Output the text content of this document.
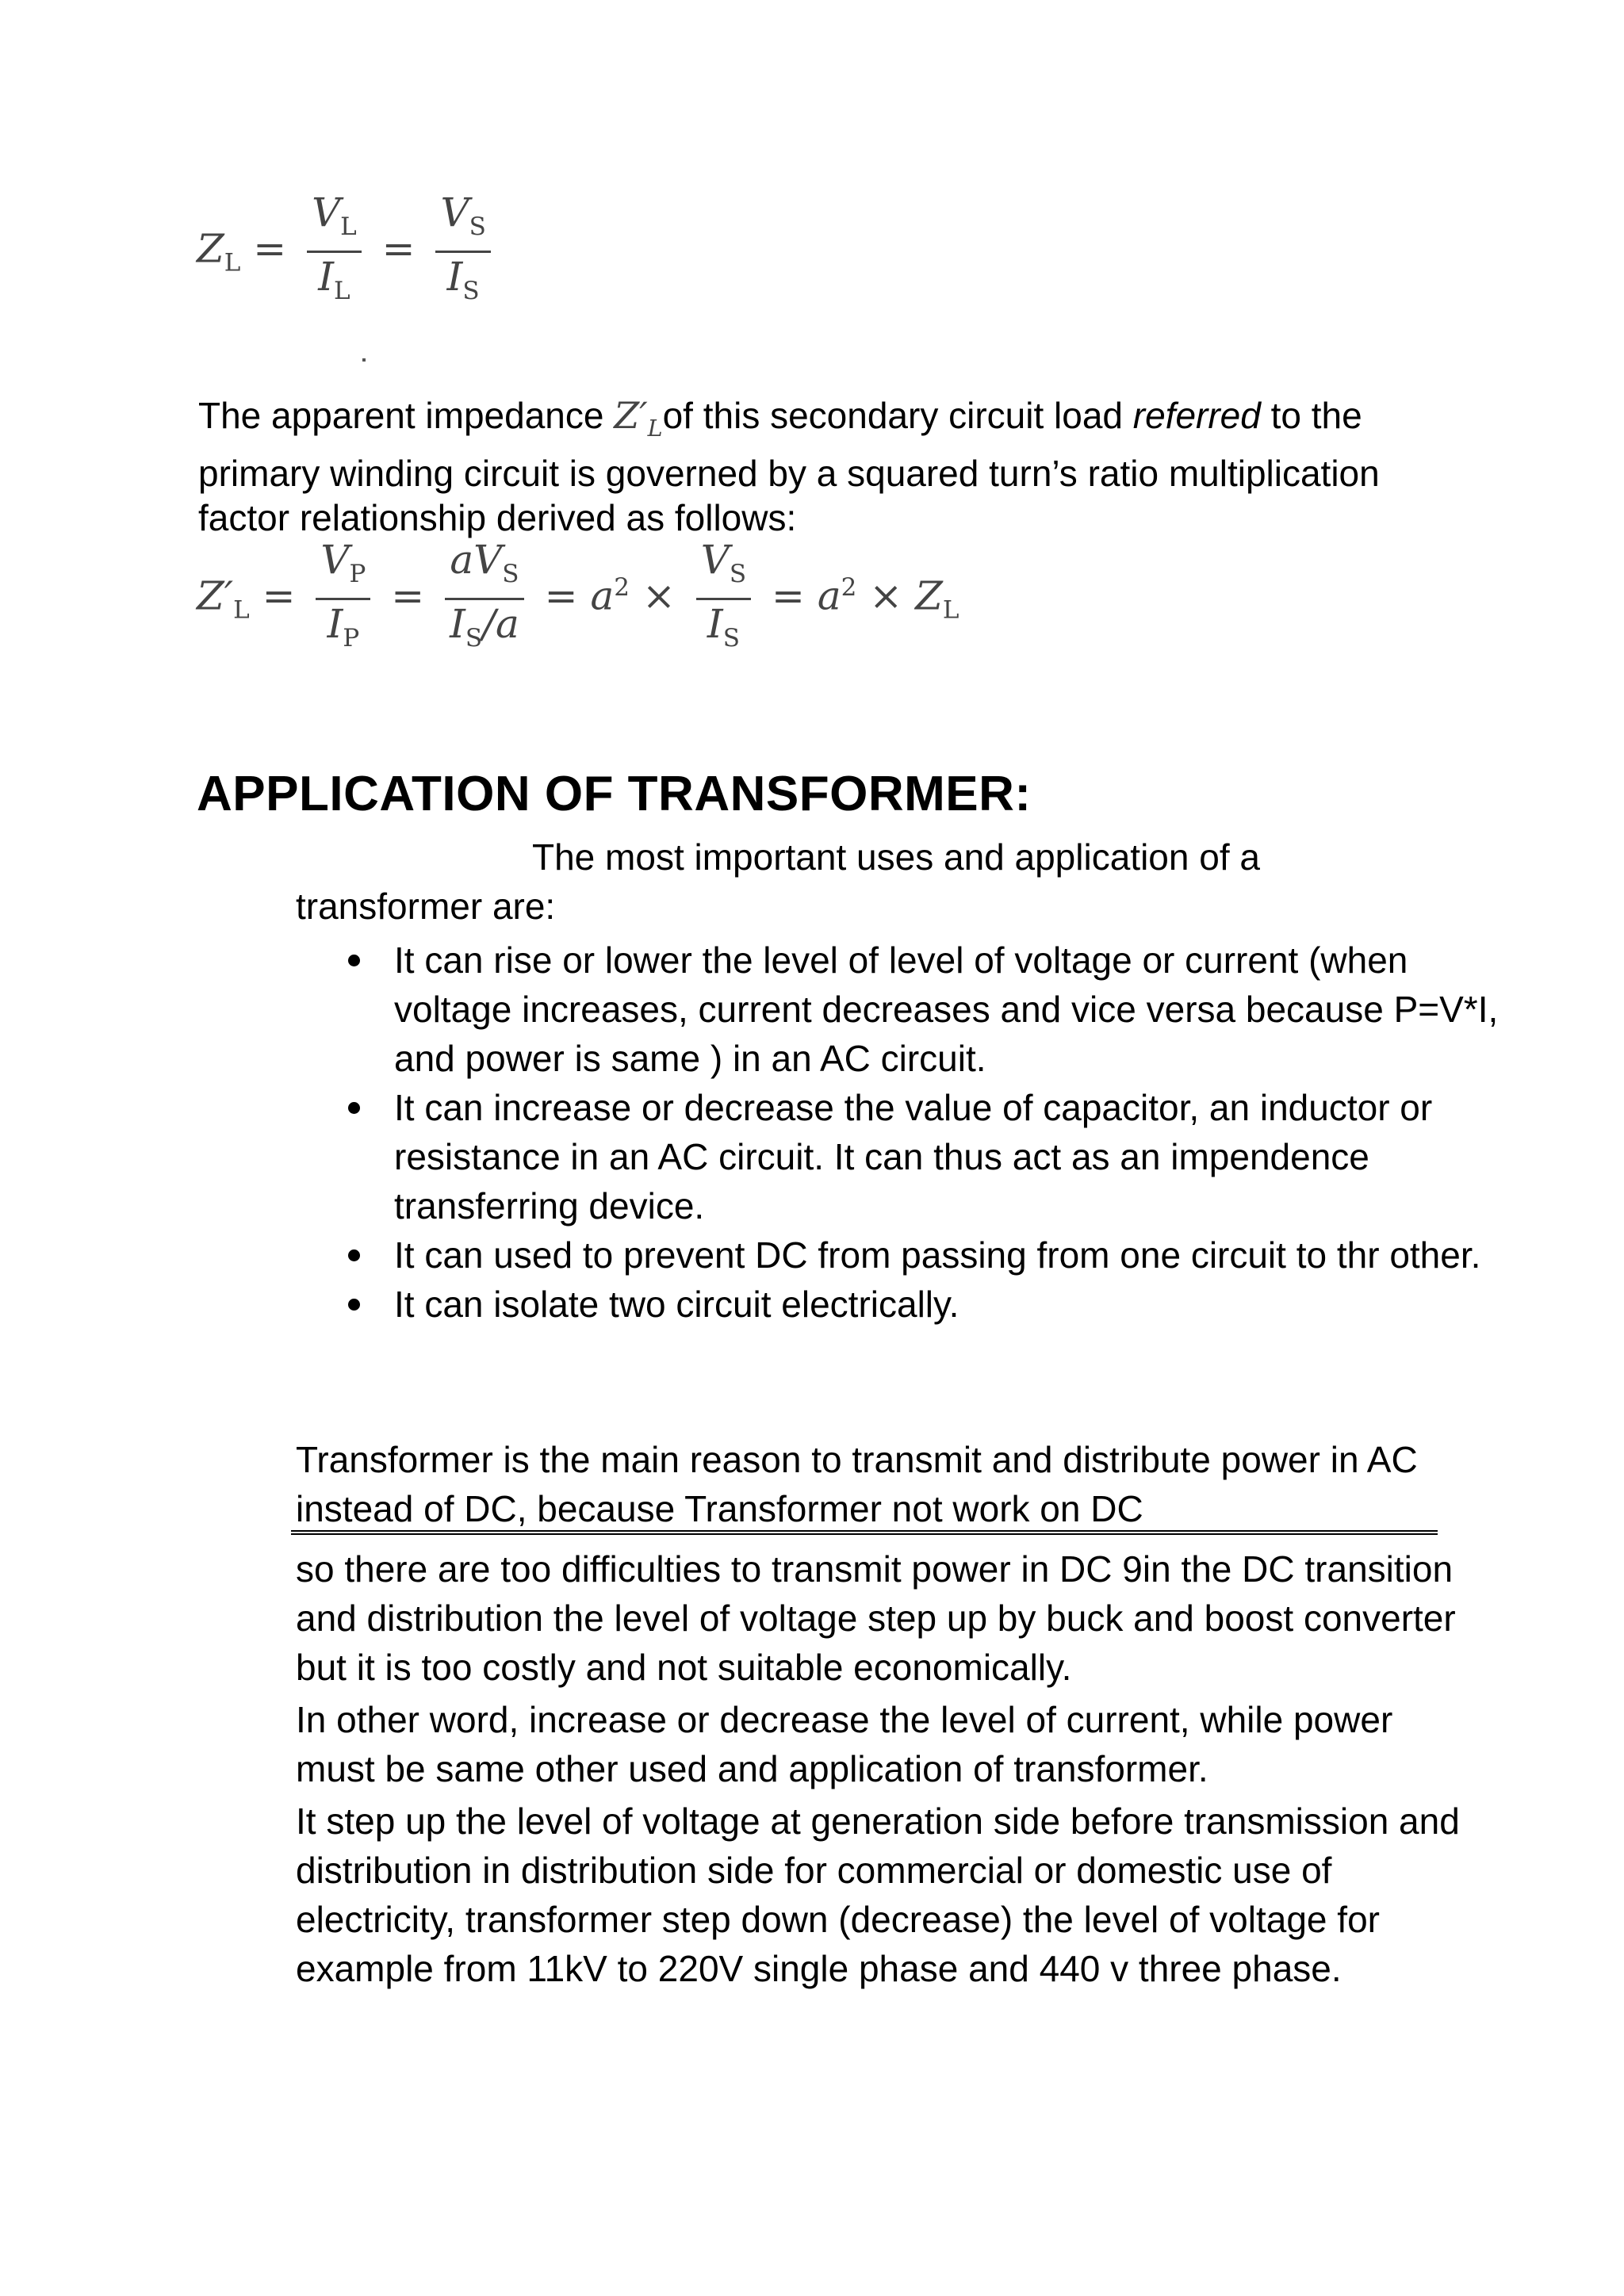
$Z_L = \frac{V_L}{I_L} = \frac{V_S}{I_S}$
The apparent impedance $Z'_Lof$ this secondary circuit load referred to the primary winding circuit is governed by a squared turn’s ratio multiplication factor relationship derived as follows:
$Z'_L = \frac{V_P}{I_P} = \frac{aV_S}{I_S/a} = a^2 \times \frac{V_S}{I_S} = a^2 \times Z_L$
APPLICATION OF TRANSFORMER:
The most important uses and application of a
transformer are:
It can rise or lower the level of level of voltage or current (when voltage increases, current decreases and vice versa because P=V*I, and power is same ) in an AC circuit.
It can increase or decrease the value of capacitor, an inductor or resistance in an AC circuit. It can thus act as an impendence transferring device.
It can used to prevent DC from passing from one circuit to thr other.
It can isolate two circuit electrically.
Transformer is the main reason to transmit and distribute power in AC instead of DC, because Transformer not work on DC

so there are too difficulties to transmit power in DC 9in the DC transition and distribution the level of voltage step up by buck and boost converter but it is too costly and not suitable economically.

In other word, increase or decrease the level of current, while power must be same other used and application of transformer.

It step up the level of voltage at generation side before transmission and distribution in distribution side for commercial or domestic use of electricity, transformer step down (decrease) the level of voltage for example from 11kV to 220V single phase and 440 v three phase.
